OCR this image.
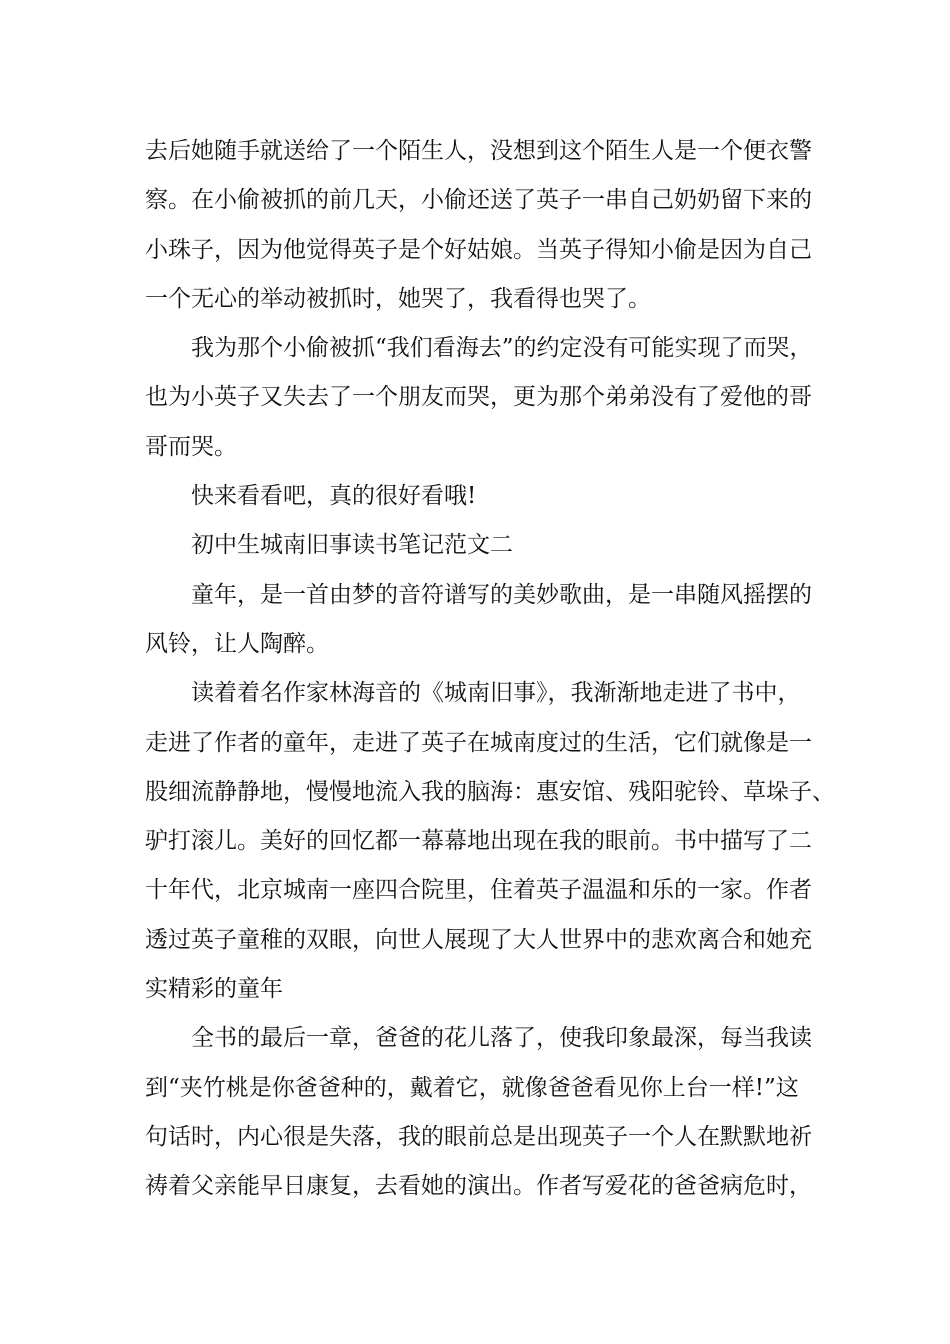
去后她随手就送给了一个陌生人，没想到这个陌生人是一个便衣警
察。在小偷被抓的前几天，小偷还送了英子一串自己奶奶留下来的
小珠子，因为他觉得英子是个好姑娘。当英子得知小偷是因为自己
一个无心的举动被抓时，她哭了，我看得也哭了。
我为那个小偷被抓“我们看海去”的约定没有可能实现了而哭，
也为小英子又失去了一个朋友而哭，更为那个弟弟没有了爱他的哥
哥而哭。
快来看看吧，真的很好看哦!
初中生城南旧事读书笔记范文二
童年，是一首由梦的音符谱写的美妙歌曲，是一串随风摇摆的
风铃，让人陶醉。
读着着名作家林海音的《城南旧事》，我渐渐地走进了书中，
走进了作者的童年，走进了英子在城南度过的生活，它们就像是一
股细流静静地，慢慢地流入我的脑海：惠安馆、残阳驼铃、草垛子、
驴打滚儿。美好的回忆都一幕幕地出现在我的眼前。书中描写了二
十年代，北京城南一座四合院里，住着英子温温和乐的一家。作者
透过英子童稚的双眼，向世人展现了大人世界中的悲欢离合和她充
实精彩的童年
全书的最后一章，爸爸的花儿落了，使我印象最深，每当我读
到“夹竹桃是你爸爸种的，戴着它，就像爸爸看见你上台一样!”这
句话时，内心很是失落，我的眼前总是出现英子一个人在默默地祈
祷着父亲能早日康复，去看她的演出。作者写爱花的爸爸病危时，
